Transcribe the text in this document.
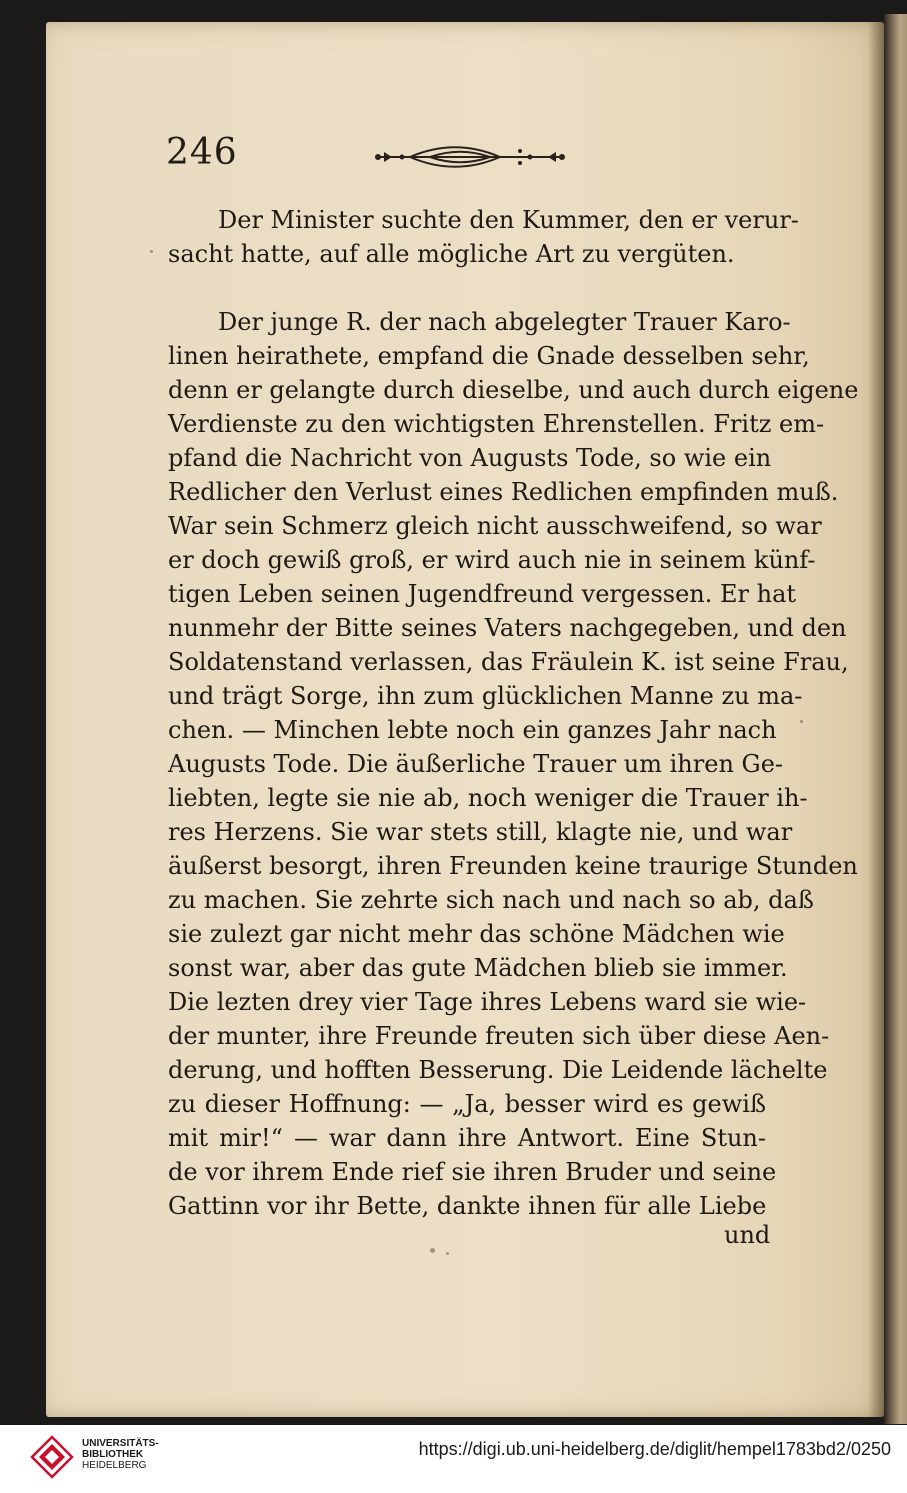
246
Der Minister suchte den Kummer, den er verur-
sacht hatte, auf alle mögliche Art zu vergüten.
Der junge R. der nach abgelegter Trauer Karo-
linen heirathete, empfand die Gnade desselben sehr,
denn er gelangte durch dieselbe, und auch durch eigene
Verdienste zu den wichtigsten Ehrenstellen. Fritz em-
pfand die Nachricht von Augusts Tode, so wie ein
Redlicher den Verlust eines Redlichen empfinden muß.
War sein Schmerz gleich nicht ausschweifend, so war
er doch gewiß groß, er wird auch nie in seinem künf-
tigen Leben seinen Jugendfreund vergessen. Er hat
nunmehr der Bitte seines Vaters nachgegeben, und den
Soldatenstand verlassen, das Fräulein K. ist seine Frau,
und trägt Sorge, ihn zum glücklichen Manne zu ma-
chen. — Minchen lebte noch ein ganzes Jahr nach
Augusts Tode. Die äußerliche Trauer um ihren Ge-
liebten, legte sie nie ab, noch weniger die Trauer ih-
res Herzens. Sie war stets still, klagte nie, und war
äußerst besorgt, ihren Freunden keine traurige Stunden
zu machen. Sie zehrte sich nach und nach so ab, daß
sie zulezt gar nicht mehr das schöne Mädchen wie
sonst war, aber das gute Mädchen blieb sie immer.
Die lezten drey vier Tage ihres Lebens ward sie wie-
der munter, ihre Freunde freuten sich über diese Aen-
derung, und hofften Besserung. Die Leidende lächelte
zu dieser Hoffnung: — „Ja, besser wird es gewiß
mit mir!“ — war dann ihre Antwort. Eine Stun-
de vor ihrem Ende rief sie ihren Bruder und seine
Gattinn vor ihr Bette, dankte ihnen für alle Liebe
und
UNIVERSITÄTS-
BIBLIOTHEK
HEIDELBERG
https://digi.ub.uni-heidelberg.de/diglit/hempel1783bd2/0250
